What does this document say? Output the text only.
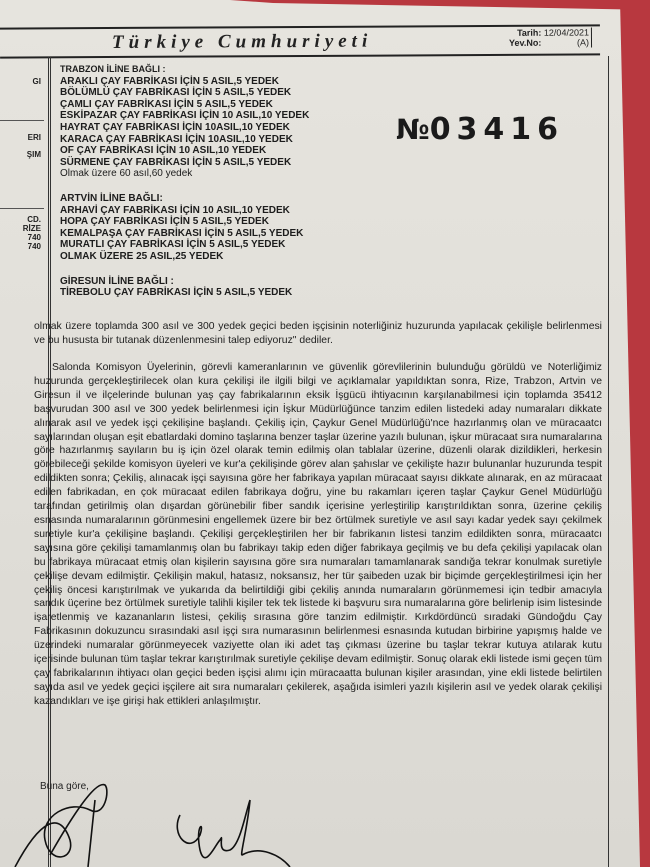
Türkiye Cumhuriyeti	Tarih: 12/04/2021
Yev.No:	(A)
GI
ERI
ŞIM
CD.
RİZE
740
740
TRABZON İLİNE BAĞLI :
ARAKLI ÇAY FABRİKASI İÇİN 5 ASIL,5 YEDEK
BÖLÜMLÜ ÇAY FABRİKASI İÇİN 5 ASIL,5 YEDEK
ÇAMLI ÇAY FABRİKASI İÇİN 5 ASIL,5 YEDEK
ESKİPAZAR ÇAY FABRİKASI İÇİN 10 ASIL,10 YEDEK
HAYRAT ÇAY FABRİKASI İÇİN 10ASIL,10 YEDEK
KARACA ÇAY FABRİKASI İÇİN 10ASIL,10 YEDEK
OF ÇAY FABRİKASI İÇİN 10 ASIL,10 YEDEK
SÜRMENE ÇAY FABRİKASI İÇİN 5 ASIL,5 YEDEK
Olmak üzere 60 asıl,60 yedek
ARTVİN İLİNE BAĞLI:
ARHAVİ ÇAY FABRİKASI İÇİN 10 ASIL,10 YEDEK
HOPA ÇAY FABRİKASI İÇİN 5 ASIL,5 YEDEK
KEMALPAŞA ÇAY FABRİKASI İÇİN 5 ASIL,5 YEDEK
MURATLI ÇAY FABRİKASI İÇİN 5 ASIL,5 YEDEK
OLMAK ÜZERE 25 ASIL,25 YEDEK
GİRESUN İLİNE BAĞLI :
TİREBOLU ÇAY FABRİKASI İÇİN 5 ASIL,5 YEDEK
№03416

olmak üzere toplamda 300 asıl ve 300 yedek geçici beden işçisinin noterliğiniz huzurunda yapılacak çekilişle belirlenmesi ve bu hususta bir tutanak düzenlenmesini talep ediyoruz" dediler.

Salonda Komisyon Üyelerinin, görevli kameranlarının ve güvenlik görevlilerinin bulunduğu görüldü ve Noterliğimiz huzurunda gerçekleştirilecek olan kura çekilişi ile ilgili bilgi ve açıklamalar yapıldıktan sonra, Rize, Trabzon, Artvin ve Giresun il ve ilçelerinde bulunan yaş çay fabrikalarının eksik İşgücü ihtiyacının karşılanabilmesi için toplamda 35412 başvurudan 300 asıl ve 300 yedek belirlenmesi için İşkur Müdürlüğünce tanzim edilen listedeki aday numaraları dikkate alınarak asıl ve yedek işçi çekilişine başlandı. Çekiliş için, Çaykur Genel Müdürlüğü'nce hazırlanmış olan ve müracaatcı sayılarından oluşan eşit ebatlardaki domino taşlarına benzer taşlar üzerine yazılı bulunan, işkur müracaat sıra numaralarına göre hazırlanmış sayıların bu iş için özel olarak temin edilmiş olan tablalar üzerine, düzenli olarak dizildikleri, herkesin görebileceği şekilde komisyon üyeleri ve kur'a çekilişinde görev alan şahıslar ve çekilişte hazır bulunanlar huzurunda tespit edildikten sonra; Çekiliş, alınacak işçi sayısına göre her fabrikaya yapılan müracaat sayısı dikkate alınarak, en az müracaat edilen fabrikadan, en çok müracaat edilen fabrikaya doğru, yine bu rakamları içeren taşlar Çaykur Genel Müdürlüğü tarafından getirilmiş olan dışardan görünebilir fiber sandık içerisine yerleştirilip karıştırıldıktan sonra, üzerine çekiliş esnasında numaralarının görünmesini engellemek üzere bir bez örtülmek suretiyle ve asıl sayı kadar yedek sayı çekilmek suretiyle kur'a çekilişine başlandı. Çekilişi gerçekleştirilen her bir fabrikanın listesi tanzim edildikten sonra, müracaatcı sayısına göre çekilişi tamamlanmış olan bu fabrikayı takip eden diğer fabrikaya geçilmiş ve bu defa çekilişi yapılacak olan bu fabrikaya müracaat etmiş olan kişilerin sayısına göre sıra numaraları tamamlanarak sandığa tekrar konulmak suretiyle çekilişe devam edilmiştir. Çekilişin makul, hatasız, noksansız, her tür şaibeden uzak bir biçimde gerçekleştirilmesi için her çekiliş öncesi karıştırılmak ve yukarıda da belirtildiği gibi çekiliş anında numaraların görünmemesi için tedbir amacıyla sandık üçerine bez örtülmek suretiyle talihli kişiler tek tek listede ki başvuru sıra numaralarına göre belirlenip isim listesinde işaretlenmiş ve kazananların listesi, çekiliş sırasına göre tanzim edilmiştir. Kırkdördüncü sıradaki Gündoğdu Çay Fabrikasının dokuzuncu sırasındaki asıl işçi sıra numarasının belirlenmesi esnasında kutudan birbirine yapışmış halde ve üzerindeki numaralar görünmeyecek vaziyette olan iki adet taş çıkması üzerine bu taşlar tekrar kutuya atılarak kutu içerisinde bulunan tüm taşlar tekrar karıştırılmak suretiyle çekilişe devam edilmiştir. Sonuç olarak ekli listede ismi geçen tüm çay fabrikalarının ihtiyacı olan geçici beden işçisi alımı için müracaatta bulunan kişiler arasından, yine ekli listede belirtilen sayıda asıl ve yedek geçici işçilere ait sıra numaraları çekilerek, aşağıda isimleri yazılı kişilerin asıl ve yedek olarak çekilişi kazandıkları ve işe girişi hak ettikleri anlaşılmıştır.

Buna göre,
